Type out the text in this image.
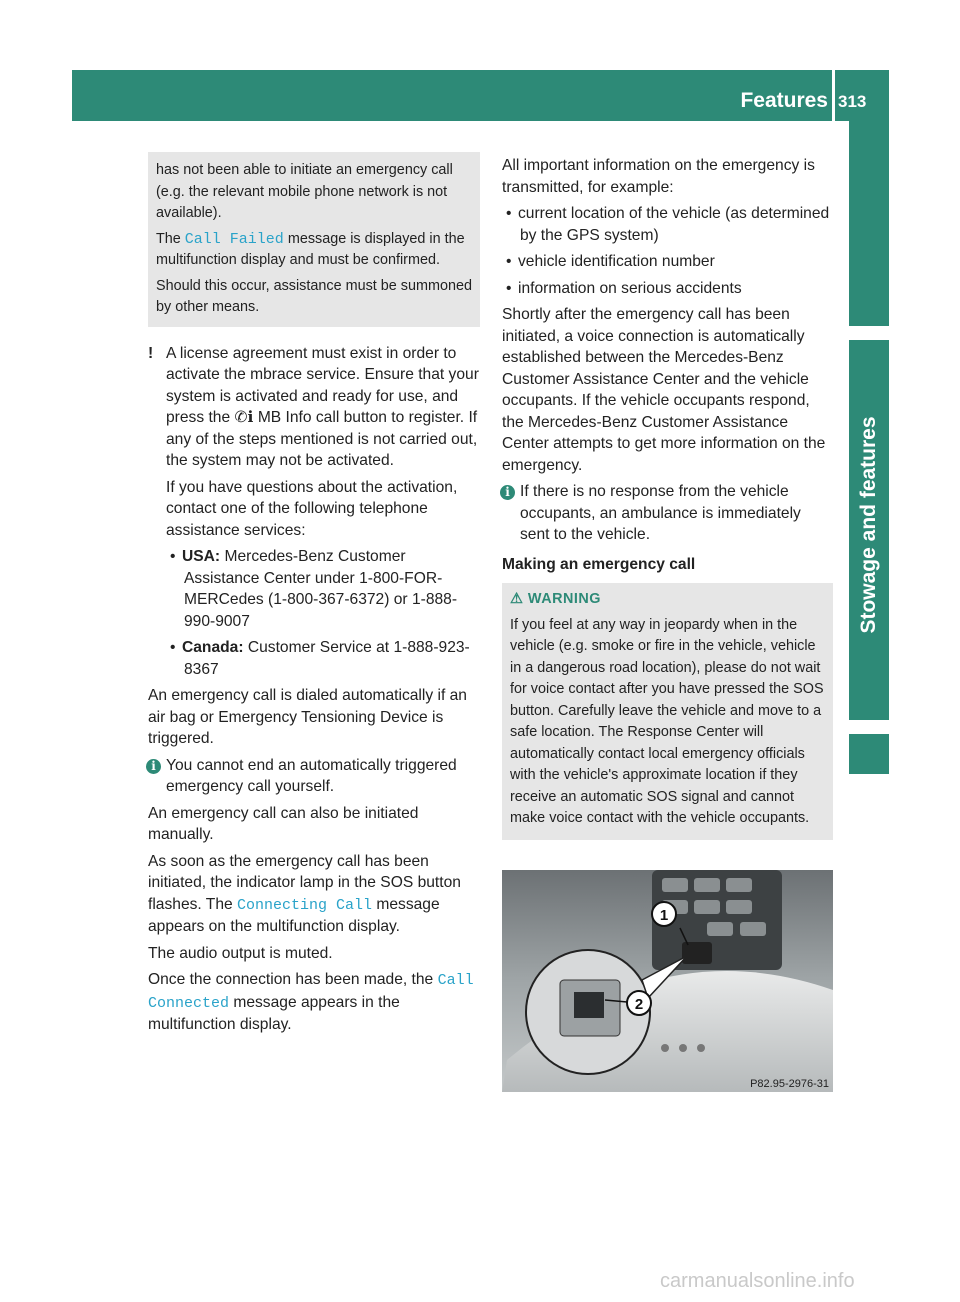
Features 313
Stowage and features

has not been able to initiate an emergency call (e.g. the relevant mobile phone network is not available).

The Call Failed message is displayed in the multifunction display and must be confirmed.

Should this occur, assistance must be summoned by other means.

! A license agreement must exist in order to activate the mbrace service. Ensure that your system is activated and ready for use, and press the ✆ℹ MB Info call button to register. If any of the steps mentioned is not carried out, the system may not be activated.

If you have questions about the activation, contact one of the following telephone assistance services:

• USA: Mercedes-Benz Customer Assistance Center under 1-800-FOR-MERCedes (1-800-367-6372) or 1-888-990-9007

• Canada: Customer Service at 1-888-923-8367

An emergency call is dialed automatically if an air bag or Emergency Tensioning Device is triggered.

i You cannot end an automatically triggered emergency call yourself.

An emergency call can also be initiated manually.

As soon as the emergency call has been initiated, the indicator lamp in the SOS button flashes. The Connecting Call message appears on the multifunction display.

The audio output is muted.

Once the connection has been made, the Call Connected message appears in the multifunction display.

All important information on the emergency is transmitted, for example:

• current location of the vehicle (as determined by the GPS system)

• vehicle identification number

• information on serious accidents

Shortly after the emergency call has been initiated, a voice connection is automatically established between the Mercedes-Benz Customer Assistance Center and the vehicle occupants. If the vehicle occupants respond, the Mercedes-Benz Customer Assistance Center attempts to get more information on the emergency.

i If there is no response from the vehicle occupants, an ambulance is immediately sent to the vehicle.

Making an emergency call
⚠ WARNING
If you feel at any way in jeopardy when in the vehicle (e.g. smoke or fire in the vehicle, vehicle in a dangerous road location), please do not wait for voice contact after you have pressed the SOS button. Carefully leave the vehicle and move to a safe location. The Response Center will automatically contact local emergency officials with the vehicle's approximate location if they receive an automatic SOS signal and cannot make voice contact with the vehicle occupants.
1
2
P82.95-2976-31
carmanualsonline.info
